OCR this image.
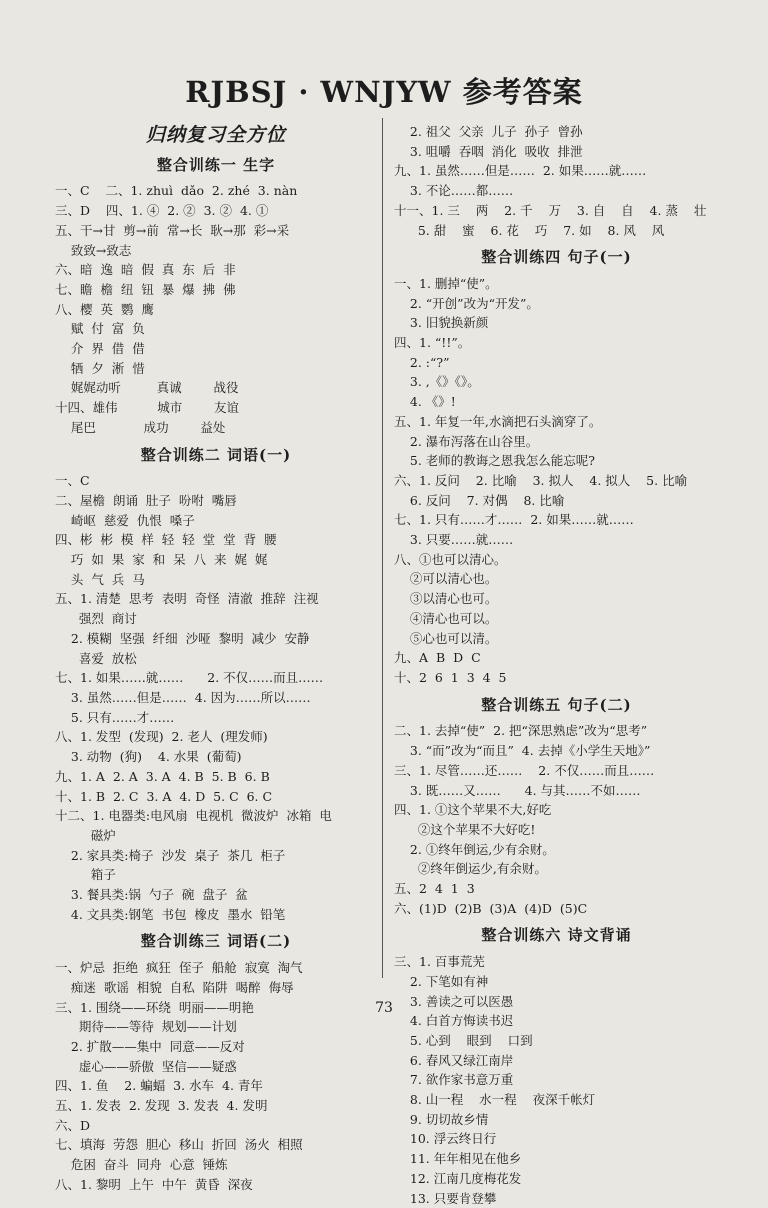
RJBSJ · WNJYW 参考答案
归纳复习全方位
整合训练一 生字
一、C    二、1. zhuì  dǎo  2. zhé  3. nàn
三、D    四、1. ④  2. ②  3. ②  4. ①
五、干→甘  剪→前  常→长  耿→那  彩→采
致致→致志
六、暗  逸  暗  假  真  东  后  非
七、瞻  檐  纽  钮  暴  爆  拂  佛
八、樱  英  鹦  鹰
赋  付  富  负
介  界  借  借
牺  夕  淅  惜
娓娓动听         真诚        战役
十四、雄伟          城市        友谊
尾巴            成功        益处
整合训练二 词语(一)
一、C
二、屋檐  朗诵  肚子  吩咐  嘴唇
崎岖  慈爱  仇恨  嗓子
四、彬  彬  模  样  轻  轻  堂  堂  背  腰
巧  如  果  家  和  呆  八  来  娓  娓
头  气  兵  马
五、1. 清楚  思考  表明  奇怪  清澈  推辞  注视
强烈  商讨
2. 模糊  坚强  纤细  沙哑  黎明  减少  安静
喜爱  放松
七、1. 如果……就……      2. 不仅……而且……
3. 虽然……但是……  4. 因为……所以……
5. 只有……才……
八、1. 发型  (发现)  2. 老人  (理发师)
3. 动物  (狗)    4. 水果  (葡萄)
九、1. A  2. A  3. A  4. B  5. B  6. B
十、1. B  2. C  3. A  4. D  5. C  6. C
十二、1. 电器类:电风扇  电视机  微波炉  冰箱  电
磁炉
2. 家具类:椅子  沙发  桌子  茶几  柜子
箱子
3. 餐具类:锅  勺子  碗  盘子  盆
4. 文具类:钢笔  书包  橡皮  墨水  铅笔
整合训练三 词语(二)
一、炉忌  拒绝  疯狂  侄子  船舱  寂寞  淘气
痴迷  歌谣  相貌  自私  陷阱  喝醉  侮辱
三、1. 围绕——环绕  明丽——明艳
期待——等待  规划——计划
2. 扩散——集中  同意——反对
虚心——骄傲  坚信——疑惑
四、1. 鱼    2. 蝙蝠  3. 水车  4. 青年
五、1. 发表  2. 发现  3. 发表  4. 发明
六、D
七、填海  劳怨  胆心  移山  折回  汤火  相照
危困  奋斗  同舟  心意  锤炼
八、1. 黎明  上午  中午  黄昏  深夜
2. 祖父  父亲  儿子  孙子  曾孙
3. 咀嚼  吞咽  消化  吸收  排泄
九、1. 虽然……但是……  2. 如果……就……
3. 不论……都……
十一、1. 三    两    2. 千    万    3. 自    自    4. 蒸    壮
5. 甜    蜜    6. 花    巧    7. 如    8. 风    风
整合训练四 句子(一)
一、1. 删掉“使”。
2. “开创”改为“开发”。
3. 旧貌换新颜
四、1. “!!”。
2. :“?”
3. ,《》《》。
4. 《》!
五、1. 年复一年,水滴把石头滴穿了。
2. 瀑布泻落在山谷里。
5. 老师的教诲之恩我怎么能忘呢?
六、1. 反问    2. 比喻    3. 拟人    4. 拟人    5. 比喻
6. 反问    7. 对偶    8. 比喻
七、1. 只有……才……  2. 如果……就……
3. 只要……就……
八、①也可以清心。
②可以清心也。
③以清心也可。
④清心也可以。
⑤心也可以清。
九、A  B  D  C
十、2  6  1  3  4  5
整合训练五 句子(二)
二、1. 去掉“使”  2. 把“深思熟虑”改为“思考”
3. “而”改为“而且”  4. 去掉《小学生天地》”
三、1. 尽管……还……    2. 不仅……而且……
3. 既……又……      4. 与其……不如……
四、1. ①这个苹果不大,好吃
②这个苹果不大好吃!
2. ①终年倒运,少有余财。
②终年倒运少,有余财。
五、2  4  1  3
六、(1)D  (2)B  (3)A  (4)D  (5)C
整合训练六 诗文背诵
三、1. 百事荒芜
2. 下笔如有神
3. 善读之可以医愚
4. 白首方悔读书迟
5. 心到    眼到    口到
6. 春风又绿江南岸
7. 欲作家书意万重
8. 山一程    水一程    夜深千帐灯
9. 切切故乡情
10. 浮云终日行
11. 年年相见在他乡
12. 江南几度梅花发
13. 只要肯登攀
73
